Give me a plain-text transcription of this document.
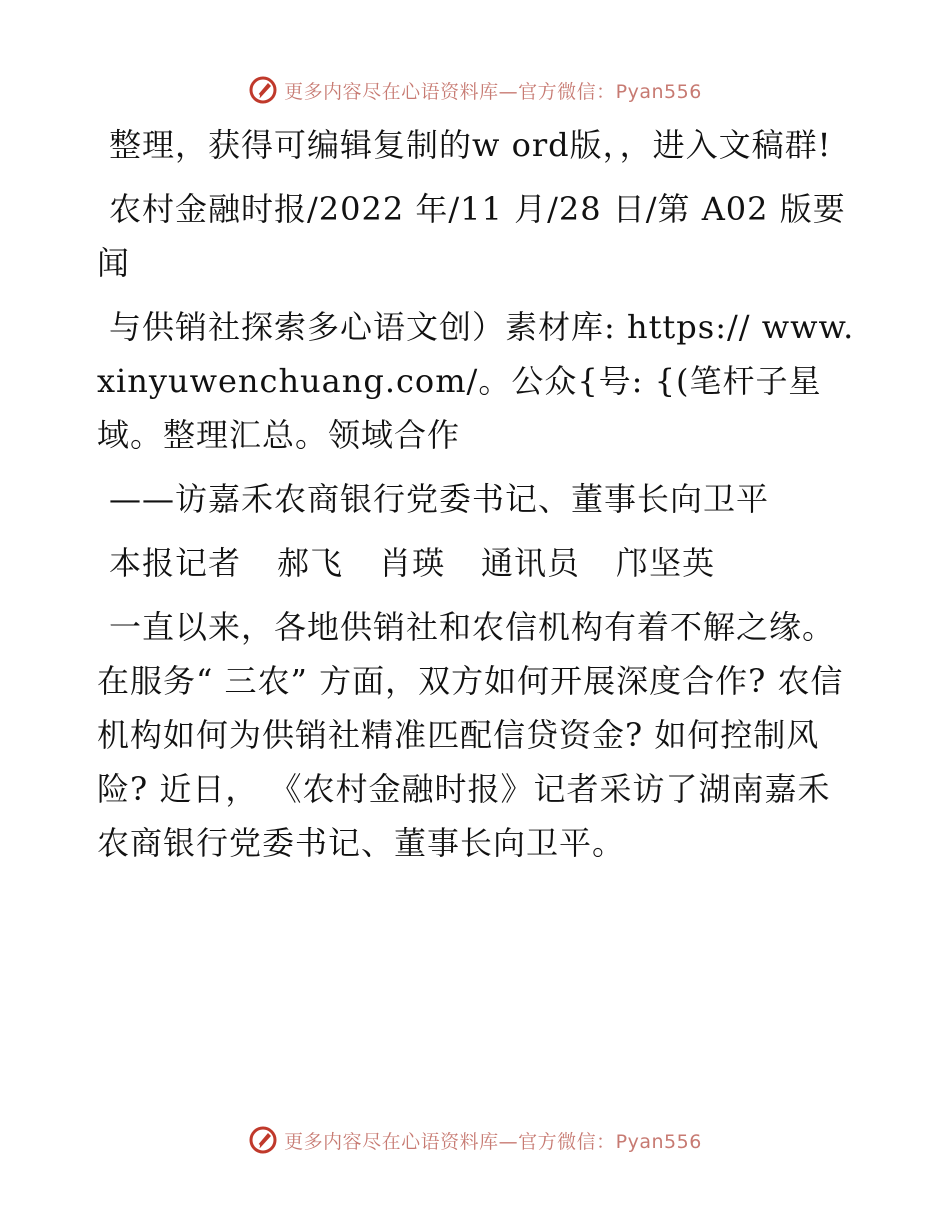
更多内容尽在心语资料库—官方微信：Pyan556

整理，获得可编辑复制的w ord版，，进入文稿群!

农村金融时报/2022 年/11 月/28 日/第 A02 版要闻

与供销社探索多心语文创）素材库: https:// www.xinyuwenchuang.com/。公众{号: {(笔杆子星域。整理汇总。领域合作

——访嘉禾农商银行党委书记、董事长向卫平

本报记者 郝飞 肖瑛 通讯员 邝坚英

一直以来，各地供销社和农信机构有着不解之缘。在服务“ 三农” 方面，双方如何开展深度合作? 农信机构如何为供销社精准匹配信贷资金? 如何控制风险? 近日， 《农村金融时报》记者采访了湖南嘉禾农商银行党委书记、董事长向卫平。

更多内容尽在心语资料库—官方微信：Pyan556
